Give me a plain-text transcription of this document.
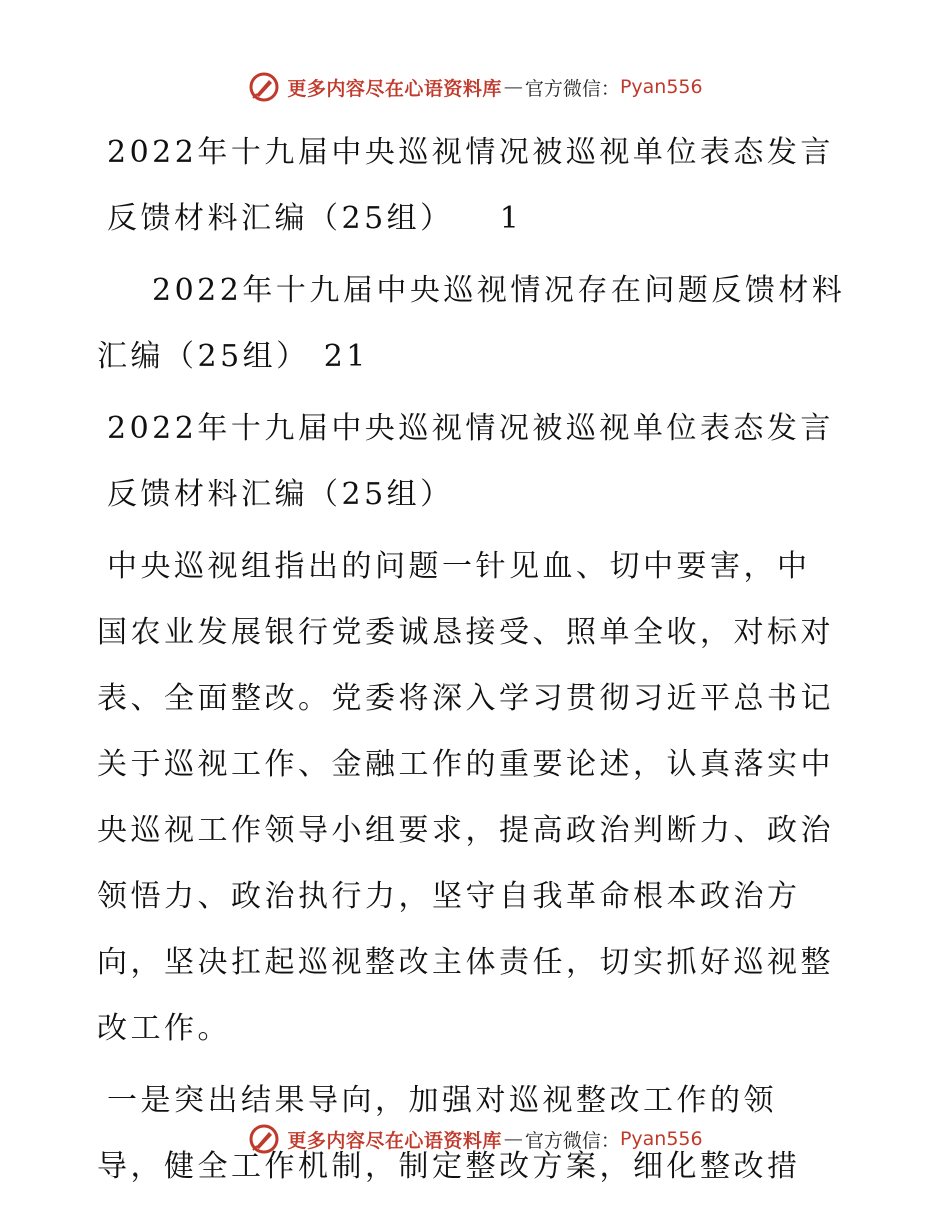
更多内容尽在心语资料库 — 官方微信： Pyan556
2022年十九届中央巡视情况被巡视单位表态发言
反馈材料汇编（25组） 1
2022年十九届中央巡视情况存在问题反馈材料
汇编（25组） 21
2022年十九届中央巡视情况被巡视单位表态发言
反馈材料汇编（25组）
中央巡视组指出的问题一针见血、切中要害，中
国农业发展银行党委诚恳接受、照单全收，对标对
表、全面整改。党委将深入学习贯彻习近平总书记
关于巡视工作、金融工作的重要论述，认真落实中
央巡视工作领导小组要求，提高政治判断力、政治
领悟力、政治执行力，坚守自我革命根本政治方
向，坚决扛起巡视整改主体责任，切实抓好巡视整
改工作。
一是突出结果导向，加强对巡视整改工作的领
导，健全工作机制，制定整改方案，细化整改措
更多内容尽在心语资料库 — 官方微信： Pyan556
